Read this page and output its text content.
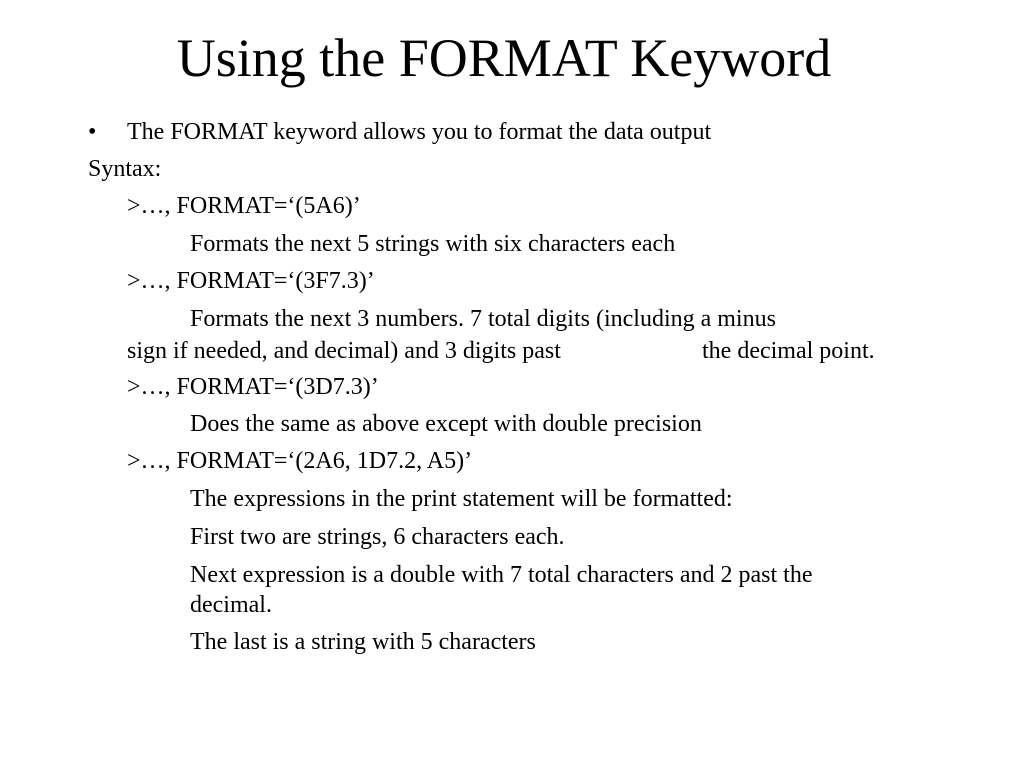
Using the FORMAT Keyword
• The FORMAT keyword allows you to format the data output
Syntax:
>…, FORMAT=‘(5A6)’
Formats the next 5 strings with six characters each
>…, FORMAT=‘(3F7.3)’
Formats the next 3 numbers. 7 total digits (including a minus
sign if needed, and decimal) and 3 digits past	the decimal point.
>…, FORMAT=‘(3D7.3)’
Does the same as above except with double precision
>…, FORMAT=‘(2A6, 1D7.2, A5)’
The expressions in the print statement will be formatted:
First two are strings, 6 characters each.
Next expression is a double with 7 total characters and 2 past the
decimal.
The last is a string with 5 characters
